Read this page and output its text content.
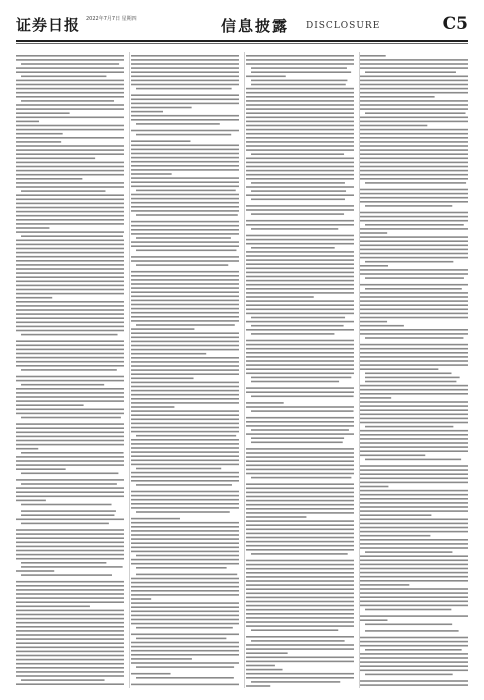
证券日报 2022年7月7日 星期四	信息披露 DISCLOSURE	C5
